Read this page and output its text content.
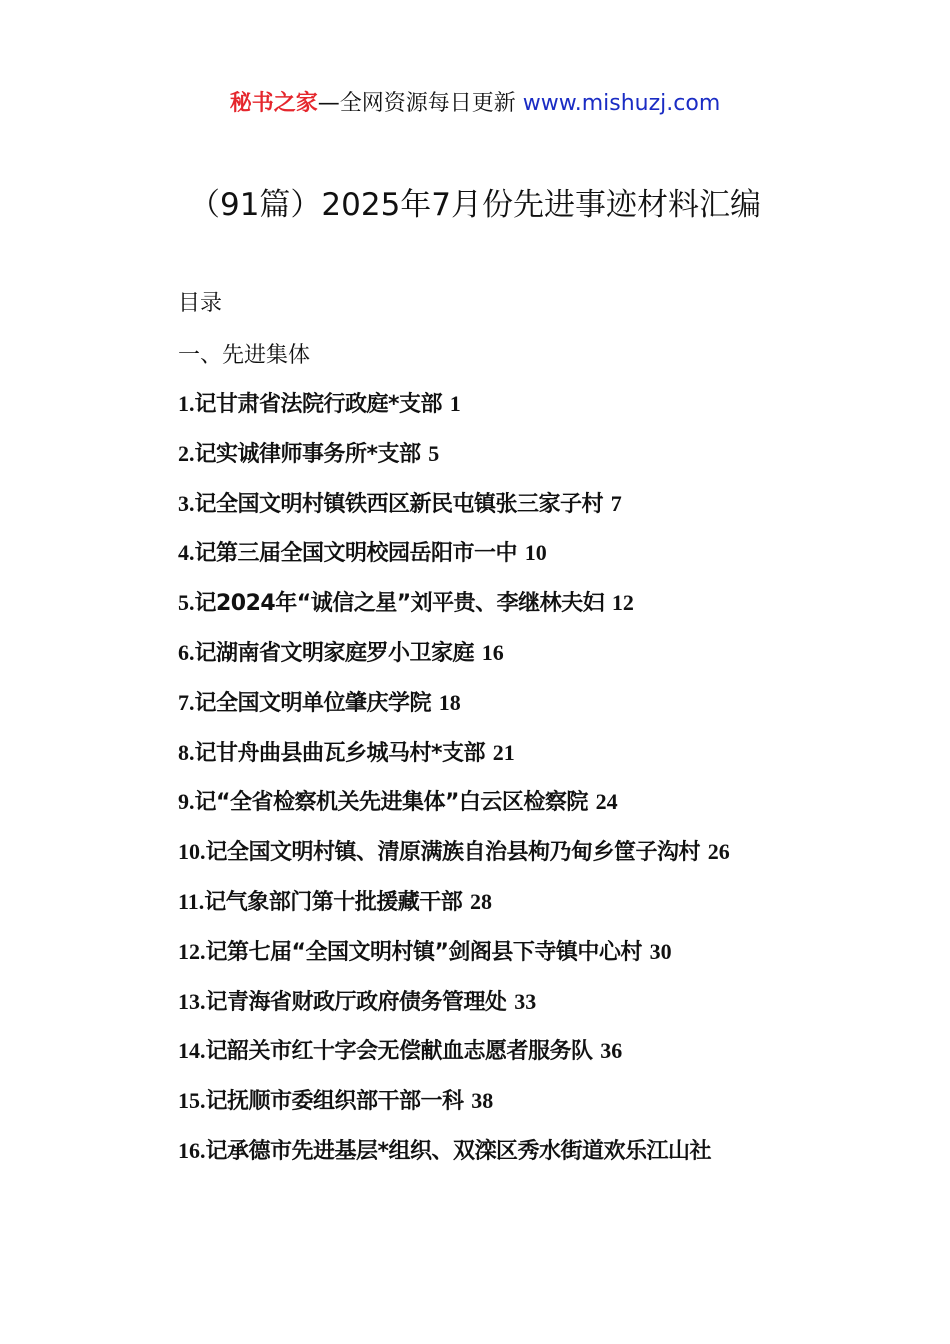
秘书之家—全网资源每日更新 www.mishuzj.com
（91篇）2025年7月份先进事迹材料汇编
目录
一、先进集体
1.记甘肃省法院行政庭*支部 1
2.记实诚律师事务所*支部 5
3.记全国文明村镇铁西区新民屯镇张三家子村 7
4.记第三届全国文明校园岳阳市一中 10
5.记2024年“诚信之星”刘平贵、李继林夫妇 12
6.记湖南省文明家庭罗小卫家庭 16
7.记全国文明单位肇庆学院 18
8.记甘舟曲县曲瓦乡城马村*支部 21
9.记“全省检察机关先进集体”白云区检察院 24
10.记全国文明村镇、清原满族自治县枸乃甸乡筐子沟村 26
11.记气象部门第十批援藏干部 28
12.记第七届“全国文明村镇”剑阁县下寺镇中心村 30
13.记青海省财政厅政府债务管理处 33
14.记韶关市红十字会无偿献血志愿者服务队 36
15.记抚顺市委组织部干部一科 38
16.记承德市先进基层*组织、双滦区秀水街道欢乐江山社
